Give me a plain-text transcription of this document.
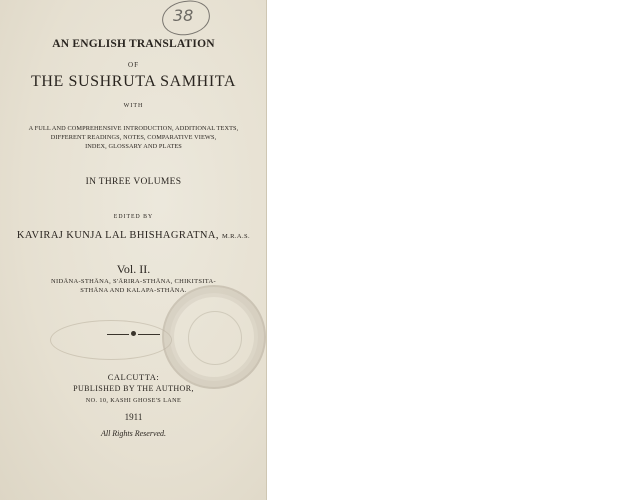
38
AN ENGLISH TRANSLATION
OF
THE SUSHRUTA SAMHITA
WITH
A FULL AND COMPREHENSIVE INTRODUCTION, ADDITIONAL TEXTS,
DIFFERENT READINGS, NOTES, COMPARATIVE VIEWS,
INDEX, GLOSSARY AND PLATES
IN THREE VOLUMES
EDITED BY
KAVIRAJ KUNJA LAL BHISHAGRATNA, M.R.A.S.
Vol. II.
NIDĀNA-STHĀNA, S'ĀRIRA-STHĀNA, CHIKITSITA-
STHĀNA AND KALAPA-STHĀNA.
CALCUTTA:
PUBLISHED BY THE AUTHOR,
NO. 10, KASHI GHOSE'S LANE
1911
All Rights Reserved.
